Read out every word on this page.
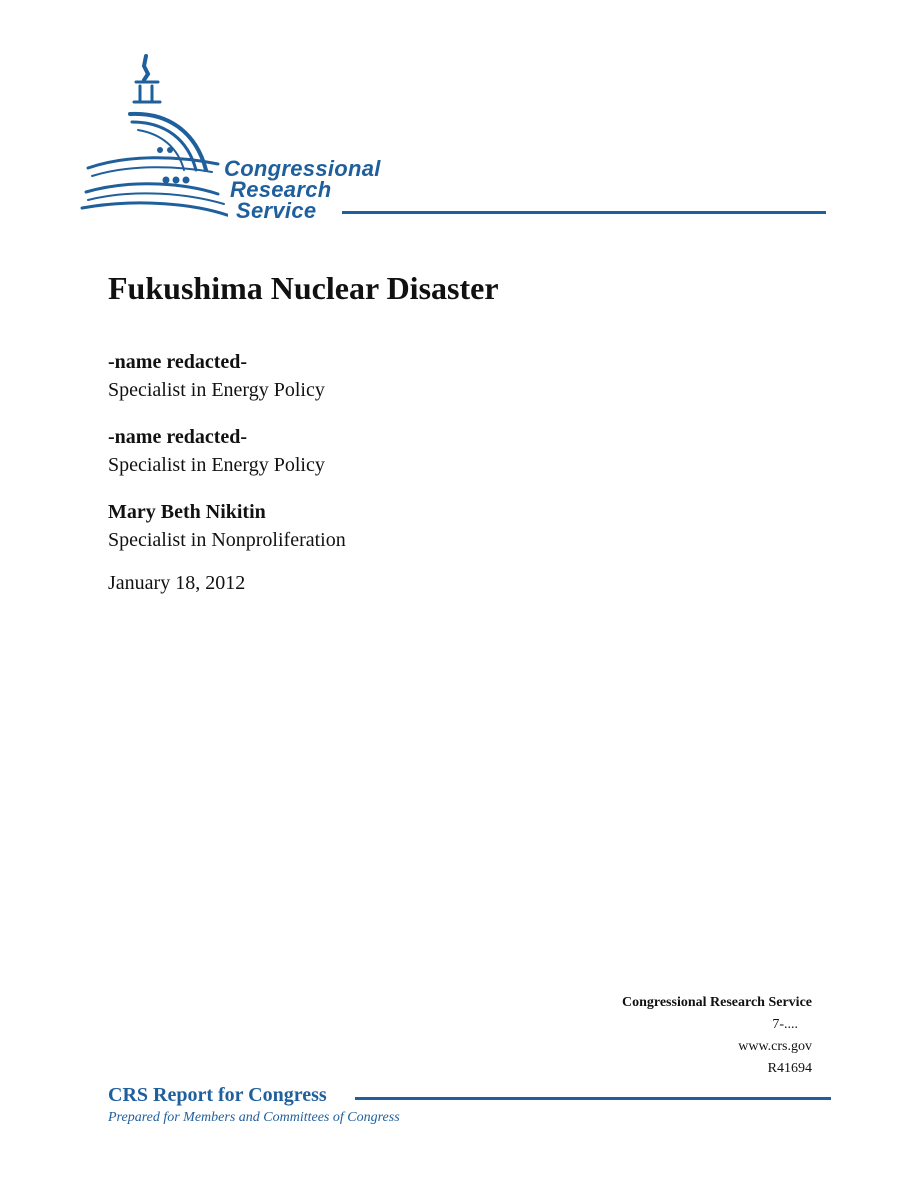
Congressional
Research
Service
Fukushima Nuclear Disaster
-name redacted-
Specialist in Energy Policy
-name redacted-
Specialist in Energy Policy
Mary Beth Nikitin
Specialist in Nonproliferation
January 18, 2012
Congressional Research Service
7-....
www.crs.gov
R41694
CRS Report for Congress
Prepared for Members and Committees of Congress
